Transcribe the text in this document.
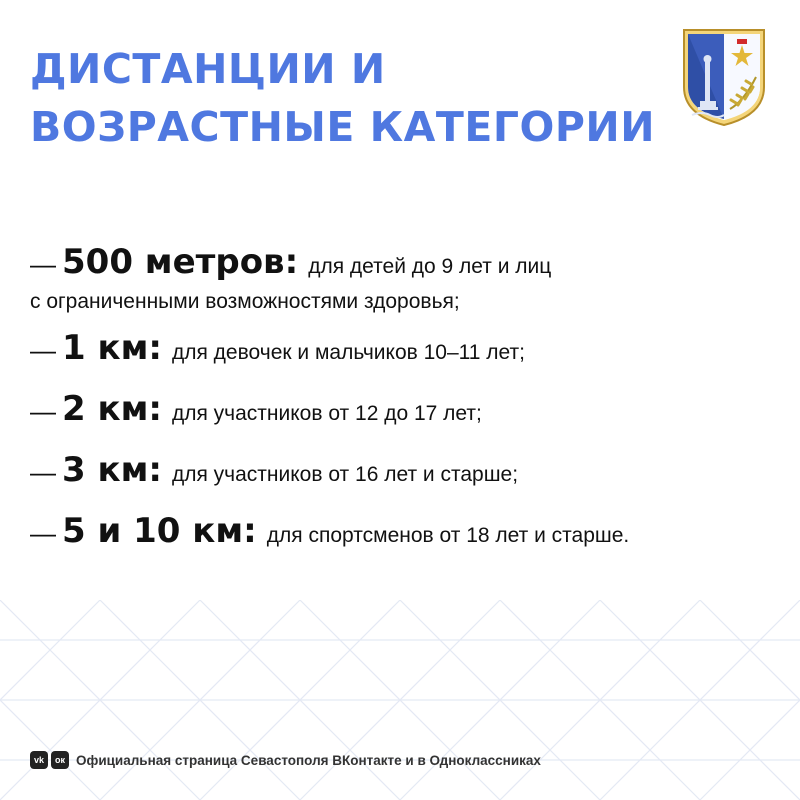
ДИСТАНЦИИ И
ВОЗРАСТНЫЕ КАТЕГОРИИ
— 500 метров: для детей до 9 лет и лиц
с ограниченными возможностями здоровья;
— 1 км: для девочек и мальчиков 10–11 лет;
— 2 км: для участников от 12 до 17 лет;
— 3 км: для участников от 16 лет и старше;
— 5 и 10 км: для спортсменов от 18 лет и старше.
vk	ок Официальная страница Севастополя ВКонтакте и в Одноклассниках
